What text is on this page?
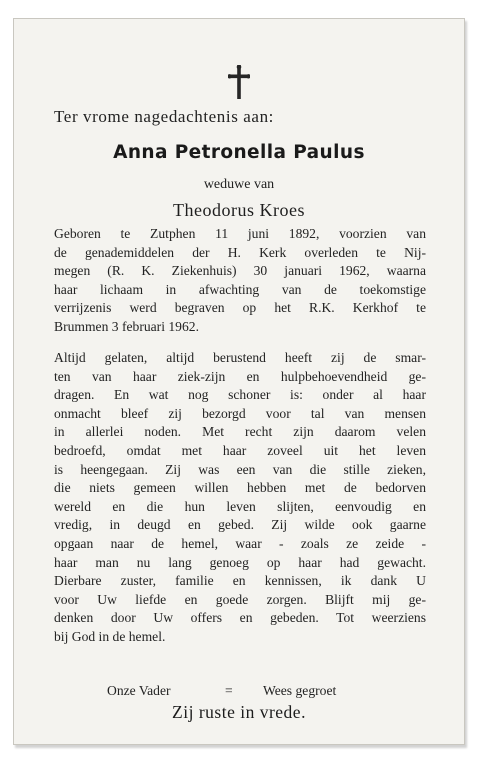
Ter vrome nagedachtenis aan:
Anna Petronella Paulus
weduwe van
Theodorus Kroes
Geboren te Zutphen 11 juni 1892, voorzien van
de genademiddelen der H. Kerk overleden te Nij-
megen (R. K. Ziekenhuis) 30 januari 1962, waarna
haar lichaam in afwachting van de toekomstige
verrijzenis werd begraven op het R.K. Kerkhof te
Brummen 3 februari 1962.
Altijd gelaten, altijd berustend heeft zij de smar-
ten van haar ziek-zijn en hulpbehoevendheid ge-
dragen. En wat nog schoner is: onder al haar
onmacht bleef zij bezorgd voor tal van mensen
in allerlei noden. Met recht zijn daarom velen
bedroefd, omdat met haar zoveel uit het leven
is heengegaan. Zij was een van die stille zieken,
die niets gemeen willen hebben met de bedorven
wereld en die hun leven slijten, eenvoudig en
vredig, in deugd en gebed. Zij wilde ook gaarne
opgaan naar de hemel, waar - zoals ze zeide -
haar man nu lang genoeg op haar had gewacht.
Dierbare zuster, familie en kennissen, ik dank U
voor Uw liefde en goede zorgen. Blijft mij ge-
denken door Uw offers en gebeden. Tot weerziens
bij God in de hemel.
Onze Vader	= Wees gegroet
Zij ruste in vrede.
